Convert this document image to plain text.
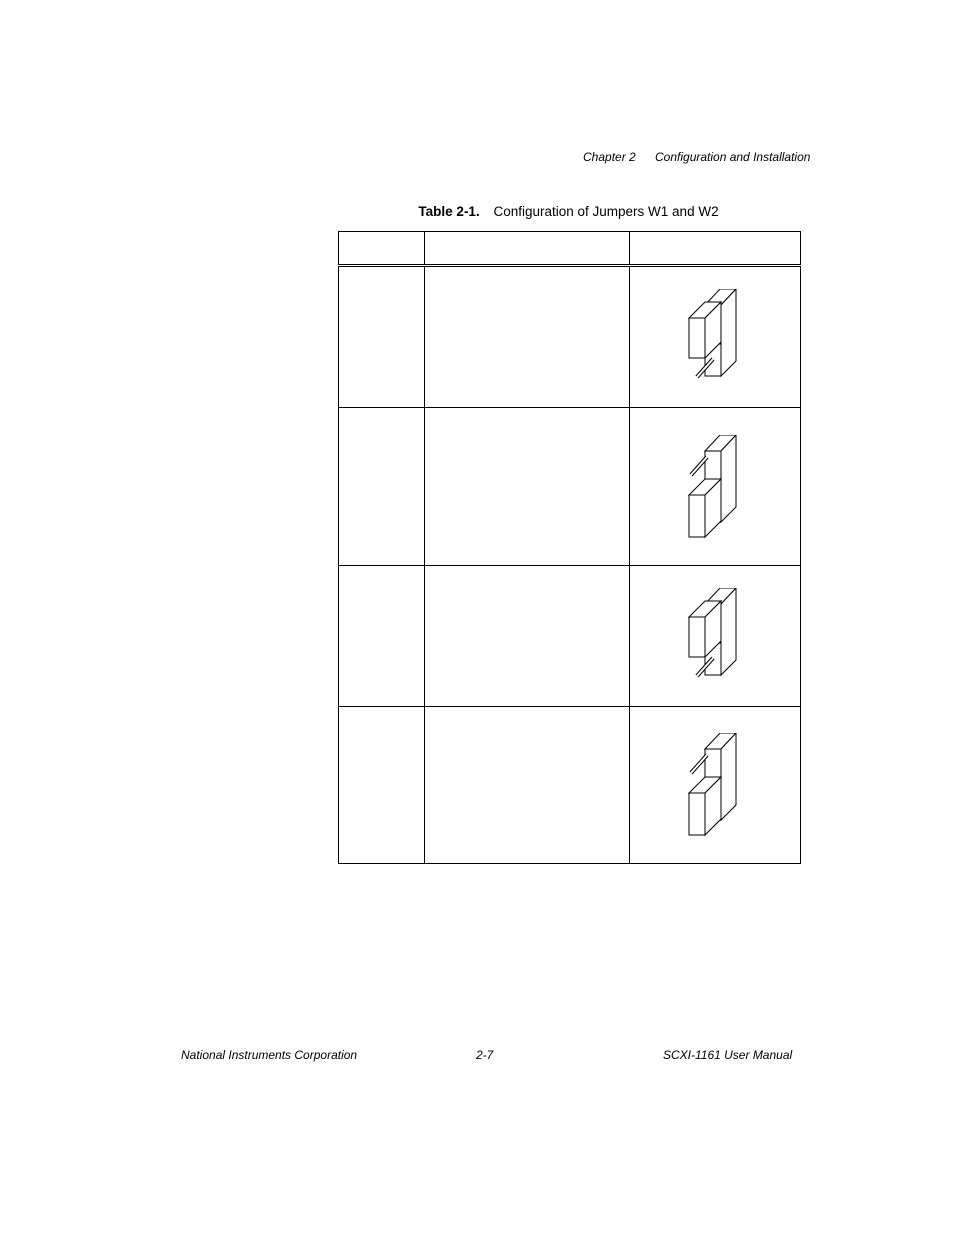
Chapter 2 Configuration and Installation
Table 2-1. Configuration of Jumpers W1 and W2

National Instruments Corporation	2-7	SCXI-1161 User Manual
